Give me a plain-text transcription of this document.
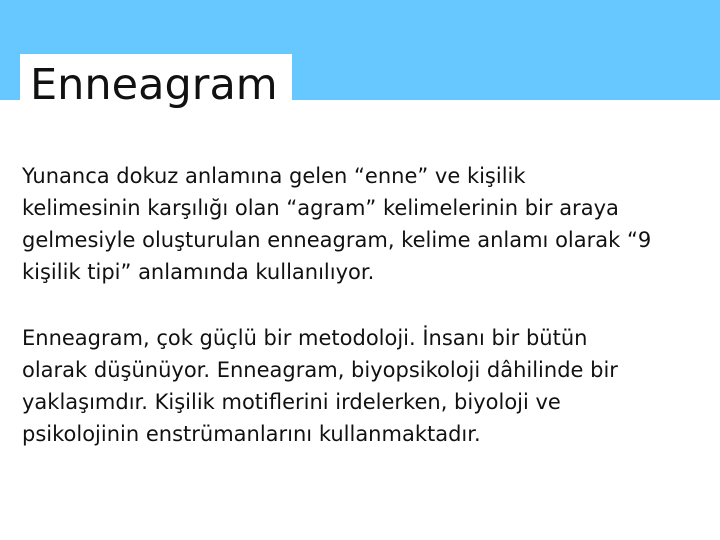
Enneagram

Yunanca dokuz anlamına gelen “enne” ve kişilik
kelimesinin karşılığı olan “agram” kelimelerinin bir araya
gelmesiyle oluşturulan enneagram, kelime anlamı olarak “9
kişilik tipi” anlamında kullanılıyor.

Enneagram, çok güçlü bir metodoloji. İnsanı bir bütün
olarak düşünüyor. Enneagram, biyopsikoloji dâhilinde bir
yaklaşımdır. Kişilik motiflerini irdelerken, biyoloji ve
psikolojinin enstrümanlarını kullanmaktadır.
